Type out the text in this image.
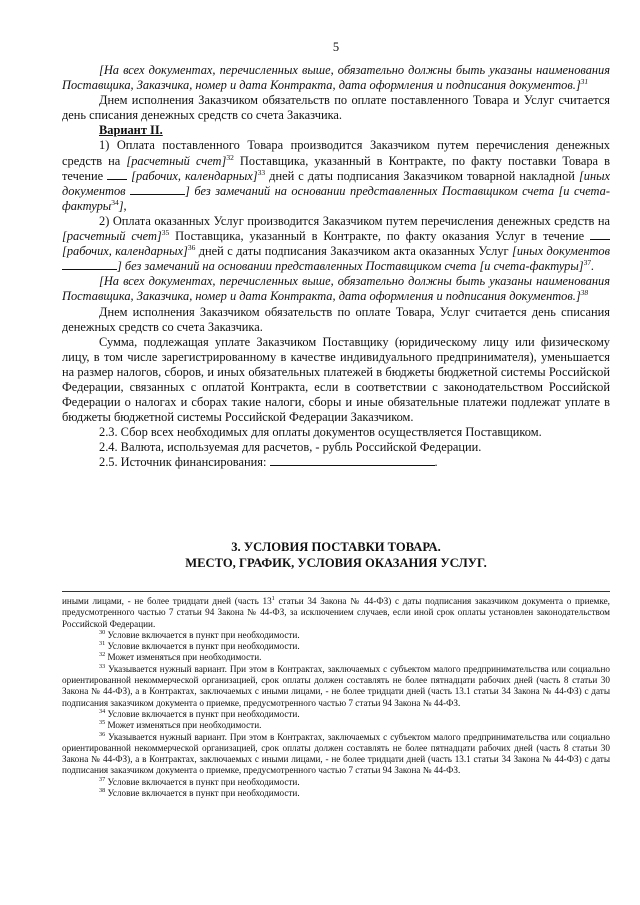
5

[На всех документах, перечисленных выше, обязательно должны быть указаны наименования Поставщика, Заказчика, номер и дата Контракта, дата оформления и подписания документов.]$^{31}$

Днем исполнения Заказчиком обязательств по оплате поставленного Товара и Услуг считается день списания денежных средств со счета Заказчика.

Вариант II.

1) Оплата поставленного Товара производится Заказчиком путем перечисления денежных средств на [расчетный счет]$^{32}$ Поставщика, указанный в Контракте, по факту поставки Товара в течение  [рабочих, календарных]$^{33}$ дней с даты подписания Заказчиком товарной накладной [иных документов	] без замечаний на основании представленных Поставщиком счета [и счета-фактуры$^{34}$],

2) Оплата оказанных Услуг производится Заказчиком путем перечисления денежных средств на [расчетный счет]$^{35}$ Поставщика, указанный в Контракте, по факту оказания Услуг в течение  [рабочих, календарных]$^{36}$ дней с даты подписания Заказчиком акта оказанных Услуг [иных документов ] без замечаний на основании представленных Поставщиком счета [и счета-фактуры]$^{37}$.

[На всех документах, перечисленных выше, обязательно должны быть указаны наименования Поставщика, Заказчика, номер и дата Контракта, дата оформления и подписания документов.]$^{38}$

Днем исполнения Заказчиком обязательств по оплате Товара, Услуг считается день списания денежных средств со счета Заказчика.

Сумма, подлежащая уплате Заказчиком Поставщику (юридическому лицу или физическому лицу, в том числе зарегистрированному в качестве индивидуального предпринимателя), уменьшается на размер налогов, сборов, и иных обязательных платежей в бюджеты бюджетной системы Российской Федерации, связанных с оплатой Контракта, если в соответствии с законодательством Российской Федерации о налогах и сборах такие налоги, сборы и иные обязательные платежи подлежат уплате в бюджеты бюджетной системы Российской Федерации Заказчиком.

2.3. Сбор всех необходимых для оплаты документов осуществляется Поставщиком.

2.4. Валюта, используемая для расчетов, - рубль Российской Федерации.

2.5. Источник финансирования:	.

3. УСЛОВИЯ ПОСТАВКИ ТОВАРА.
МЕСТО, ГРАФИК, УСЛОВИЯ ОКАЗАНИЯ УСЛУГ.

иными лицами, - не более тридцати дней (часть $13^1$ статьи 34 Закона № 44-ФЗ) с даты подписания заказчиком документа о приемке, предусмотренного частью 7 статьи 94 Закона № 44-ФЗ, за исключением случаев, если иной срок оплаты установлен законодательством Российской Федерации.

$^{30}$ Условие включается в пункт при необходимости.

$^{31}$ Условие включается в пункт при необходимости.

$^{32}$ Может изменяться при необходимости.

$^{33}$ Указывается нужный вариант. При этом в Контрактах, заключаемых с субъектом малого предпринимательства или социально ориентированной некоммерческой организацией, срок оплаты должен составлять не более пятнадцати рабочих дней (часть 8 статьи 30 Закона № 44-ФЗ), а в Контрактах, заключаемых с иными лицами, - не более тридцати дней (часть 13.1 статьи 34 Закона № 44-ФЗ) с даты подписания заказчиком документа о приемке, предусмотренного частью 7 статьи 94 Закона № 44-ФЗ.

$^{34}$ Условие включается в пункт при необходимости.

$^{35}$ Может изменяться при необходимости.

$^{36}$ Указывается нужный вариант. При этом в Контрактах, заключаемых с субъектом малого предпринимательства или социально ориентированной некоммерческой организацией, срок оплаты должен составлять не более пятнадцати рабочих дней (часть 8 статьи 30 Закона № 44-ФЗ), а в Контрактах, заключаемых с иными лицами, - не более тридцати дней (часть 13.1 статьи 34 Закона № 44-ФЗ) с даты подписания заказчиком документа о приемке, предусмотренного частью 7 статьи 94 Закона № 44-ФЗ.

$^{37}$ Условие включается в пункт при необходимости.

$^{38}$ Условие включается в пункт при необходимости.
